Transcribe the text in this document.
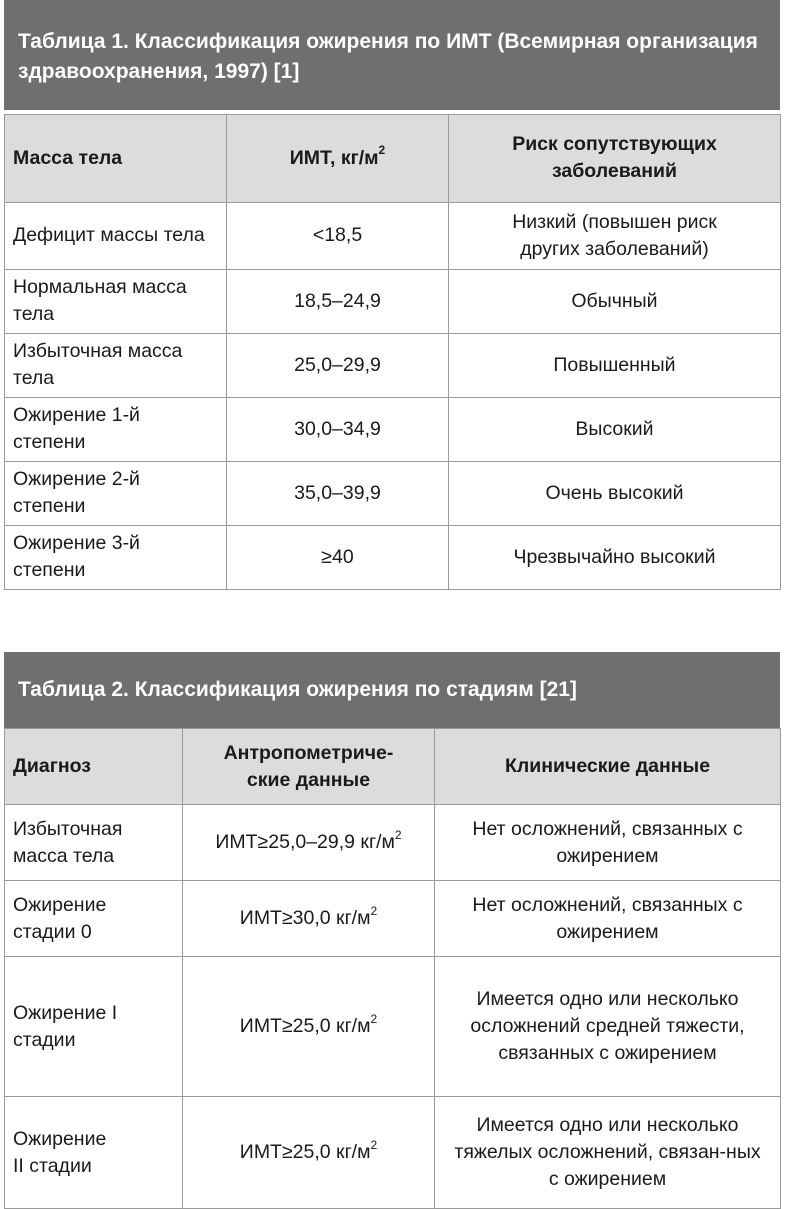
Таблица 1. Классификация ожирения по ИМТ (Всемирная организация здравоохранения, 1997) [1]

Масса тела	ИМТ, $кг/м^2$	Риск сопутствующих заболеваний
Дефицит массы тела	<18,5	Низкий (повышен риск других заболеваний)
Нормальная масса тела	18,5–24,9	Обычный
Избыточная масса тела	25,0–29,9	Повышенный
Ожирение 1-й степени	30,0–34,9	Высокий
Ожирение 2-й степени	35,0–39,9	Очень высокий
Ожирение 3-й степени	≥40	Чрезвычайно высокий
Таблица 2. Классификация ожирения по стадиям [21]
Диагноз	Антропометриче-ские данные	Клинические данные
Избыточная масса тела	ИМТ≥25,0–29,9 $кг/м^2$	Нет осложнений, связанных с ожирением
Ожирение стадии 0	ИМТ≥30,0 $кг/м^2$	Нет осложнений, связанных с ожирением
Ожирение I стадии	ИМТ≥25,0 $кг/м^2$	Имеется одно или несколько осложнений средней тяжести, связанных с ожирением
Ожирение II стадии	ИМТ≥25,0 $кг/м^2$	Имеется одно или несколько тяжелых осложнений, связан-ных с ожирением
